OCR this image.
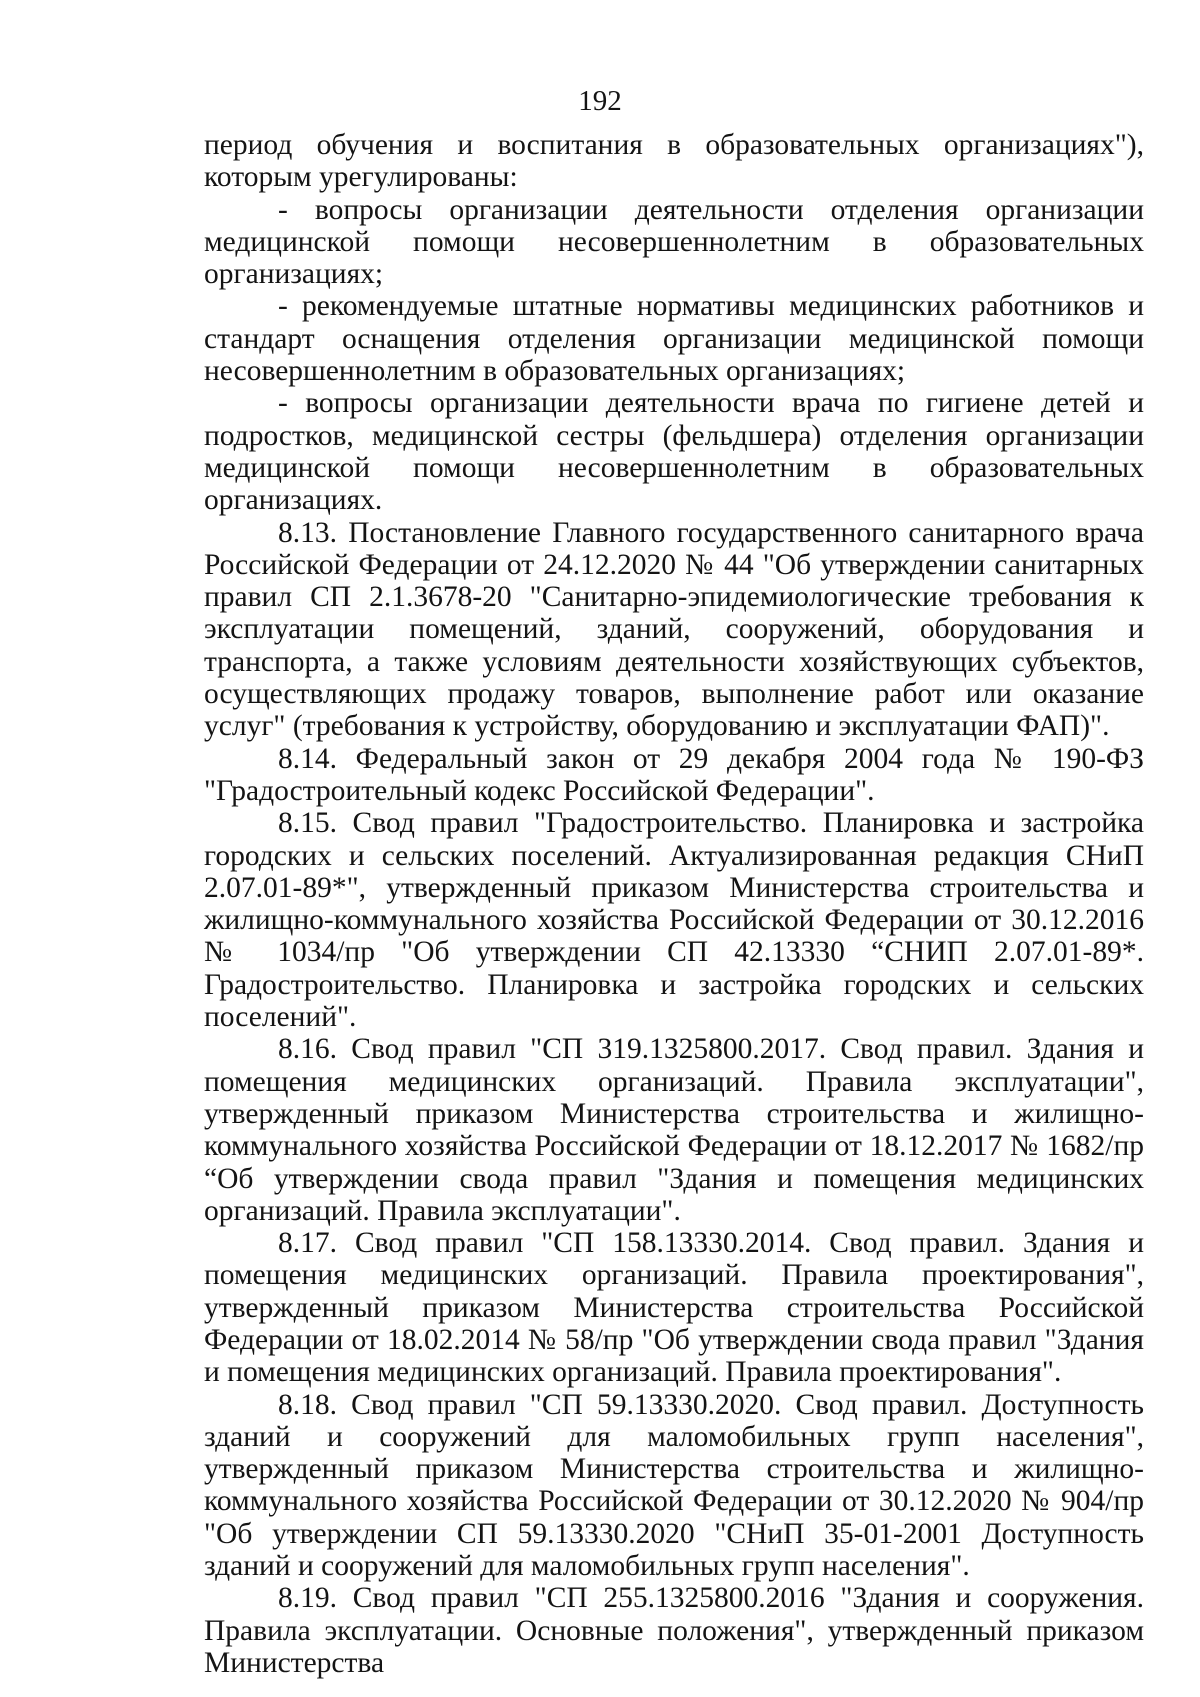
192

период обучения и воспитания в образовательных организациях"), которым урегулированы:

- вопросы организации деятельности отделения организации медицинской помощи несовершеннолетним в образовательных организациях;

- рекомендуемые штатные нормативы медицинских работников и стандарт оснащения отделения организации медицинской помощи несовершеннолетним в образовательных организациях;

- вопросы организации деятельности врача по гигиене детей и подростков, медицинской сестры (фельдшера) отделения организации медицинской помощи несовершеннолетним в образовательных организациях.

8.13. Постановление Главного государственного санитарного врача Российской Федерации от 24.12.2020 № 44 "Об утверждении санитарных правил СП 2.1.3678-20 "Санитарно-эпидемиологические требования к эксплуатации помещений, зданий, сооружений, оборудования и транспорта, а также условиям деятельности хозяйствующих субъектов, осуществляющих продажу товаров, выполнение работ или оказание услуг" (требования к устройству, оборудованию и эксплуатации ФАП)".

8.14. Федеральный закон от 29 декабря 2004 года № 190-ФЗ "Градостроительный кодекс Российской Федерации".

8.15. Свод правил "Градостроительство. Планировка и застройка городских и сельских поселений. Актуализированная редакция СНиП 2.07.01-89*", утвержденный приказом Министерства строительства и жилищно-коммунального хозяйства Российской Федерации от 30.12.2016 № 1034/пр "Об утверждении СП 42.13330 “СНИП 2.07.01-89*. Градостроительство. Планировка и застройка городских и сельских поселений".

8.16. Свод правил "СП 319.1325800.2017. Свод правил. Здания и помещения медицинских организаций. Правила эксплуатации", утвержденный приказом Министерства строительства и жилищно-коммунального хозяйства Российской Федерации от 18.12.2017 № 1682/пр “Об утверждении свода правил "Здания и помещения медицинских организаций. Правила эксплуатации".

8.17. Свод правил "СП 158.13330.2014. Свод правил. Здания и помещения медицинских организаций. Правила проектирования", утвержденный приказом Министерства строительства Российской Федерации от 18.02.2014 № 58/пр "Об утверждении свода правил "Здания и помещения медицинских организаций. Правила проектирования".

8.18. Свод правил "СП 59.13330.2020. Свод правил. Доступность зданий и сооружений для маломобильных групп населения", утвержденный приказом Министерства строительства и жилищно-коммунального хозяйства Российской Федерации от 30.12.2020 № 904/пр "Об утверждении СП 59.13330.2020 "СНиП 35-01-2001 Доступность зданий и сооружений для маломобильных групп населения".

8.19. Свод правил "СП 255.1325800.2016 "Здания и сооружения. Правила эксплуатации. Основные положения", утвержденный приказом Министерства
